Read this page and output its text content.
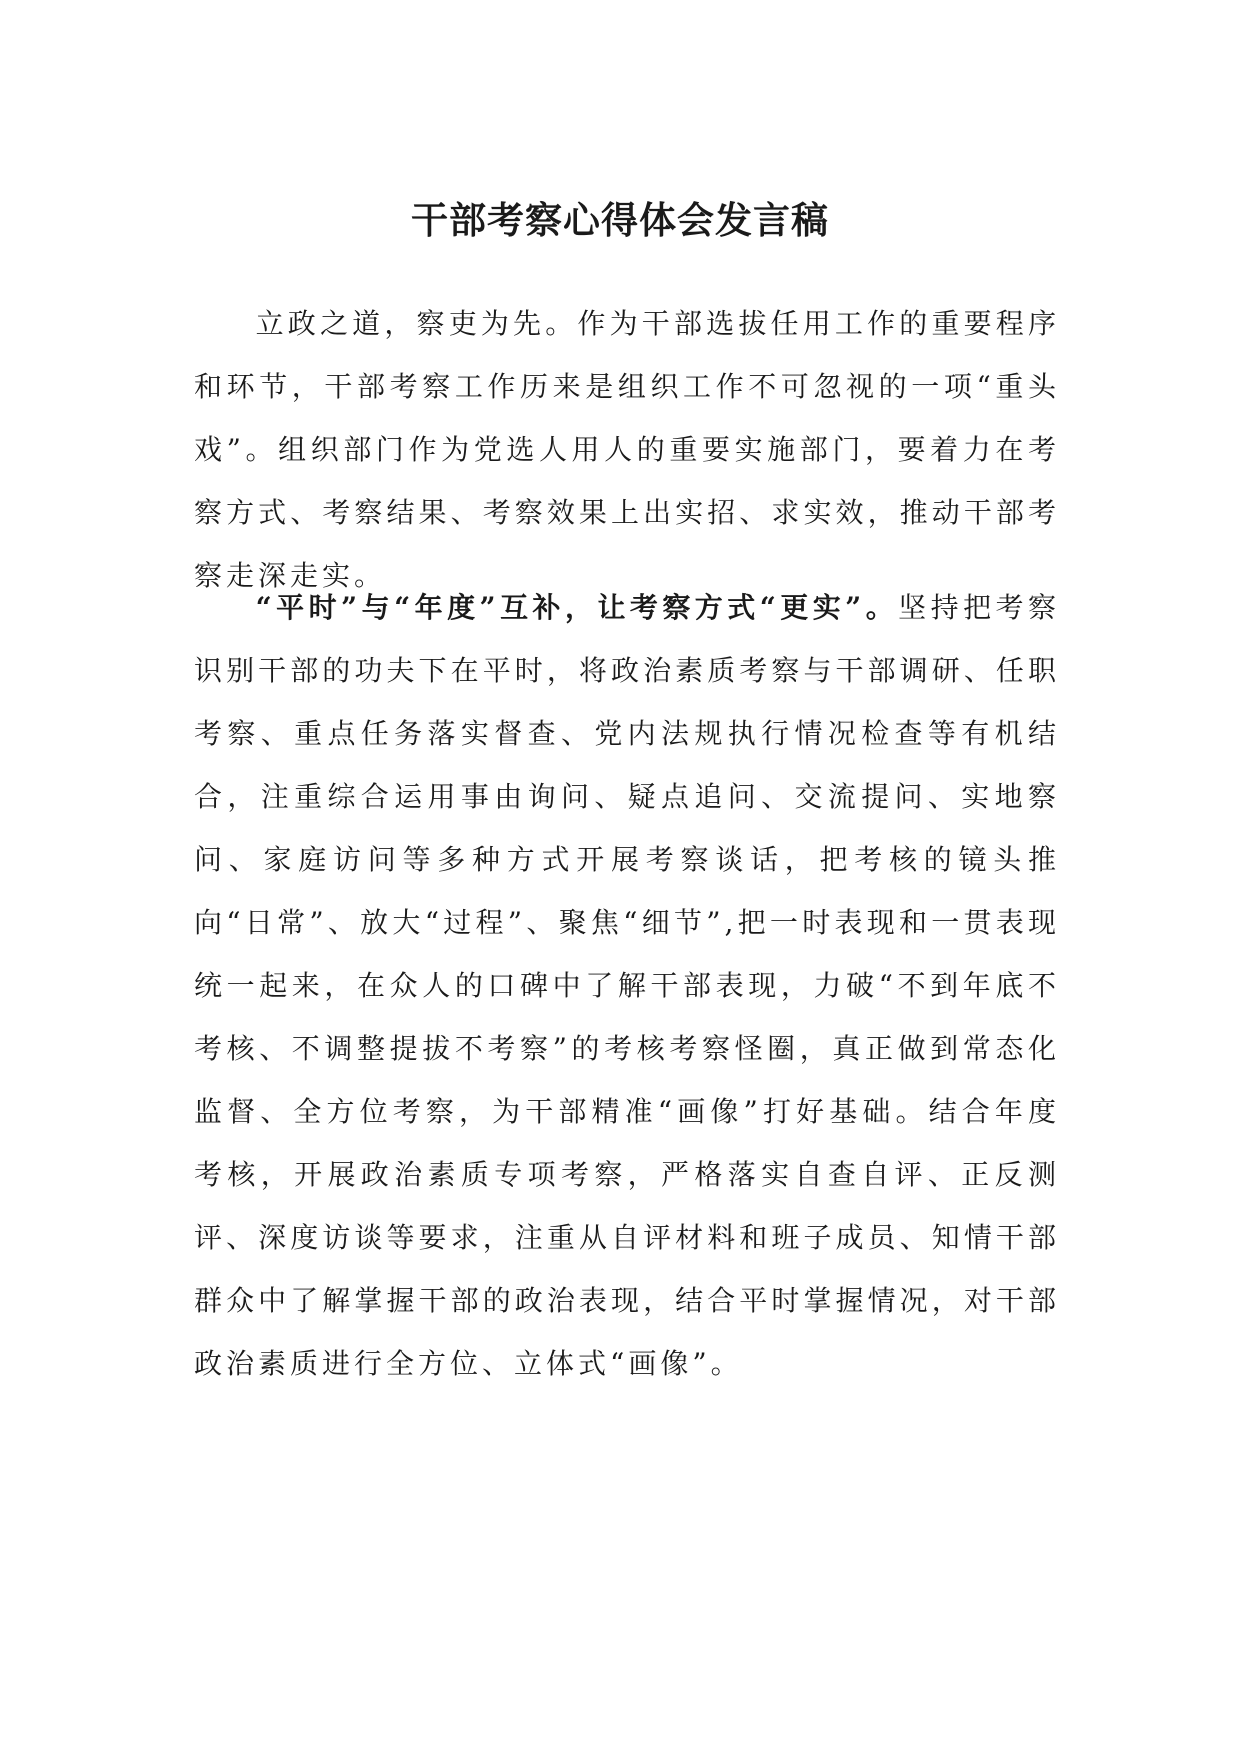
干部考察心得体会发言稿

立政之道，察吏为先。作为干部选拔任用工作的重要程序和环节，干部考察工作历来是组织工作不可忽视的一项“重头戏”。组织部门作为党选人用人的重要实施部门，要着力在考察方式、考察结果、考察效果上出实招、求实效，推动干部考察走深走实。

“平时”与“年度”互补，让考察方式“更实”。坚持把考察识别干部的功夫下在平时，将政治素质考察与干部调研、任职考察、重点任务落实督查、党内法规执行情况检查等有机结合，注重综合运用事由询问、疑点追问、交流提问、实地察问、家庭访问等多种方式开展考察谈话，把考核的镜头推向“日常”、放大“过程”、聚焦“细节”,把一时表现和一贯表现统一起来，在众人的口碑中了解干部表现，力破“不到年底不考核、不调整提拔不考察”的考核考察怪圈，真正做到常态化监督、全方位考察，为干部精准“画像”打好基础。结合年度考核，开展政治素质专项考察，严格落实自查自评、正反测评、深度访谈等要求，注重从自评材料和班子成员、知情干部群众中了解掌握干部的政治表现，结合平时掌握情况，对干部政治素质进行全方位、立体式“画像”。
